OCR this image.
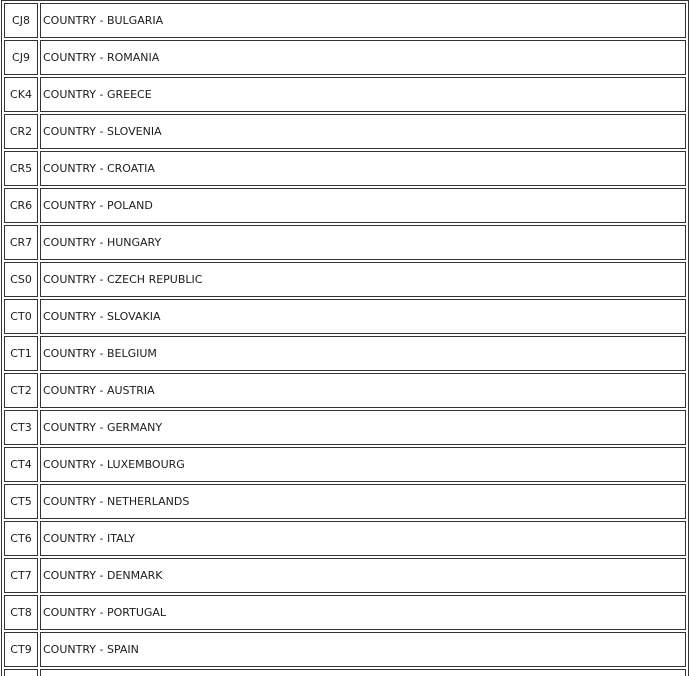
CJ8	COUNTRY - BULGARIA
CJ9	COUNTRY - ROMANIA
CK4	COUNTRY - GREECE
CR2	COUNTRY - SLOVENIA
CR5	COUNTRY - CROATIA
CR6	COUNTRY - POLAND
CR7	COUNTRY - HUNGARY
CS0	COUNTRY - CZECH REPUBLIC
CT0	COUNTRY - SLOVAKIA
CT1	COUNTRY - BELGIUM
CT2	COUNTRY - AUSTRIA
CT3	COUNTRY - GERMANY
CT4	COUNTRY - LUXEMBOURG
CT5	COUNTRY - NETHERLANDS
CT6	COUNTRY - ITALY
CT7	COUNTRY - DENMARK
CT8	COUNTRY - PORTUGAL
CT9	COUNTRY - SPAIN
